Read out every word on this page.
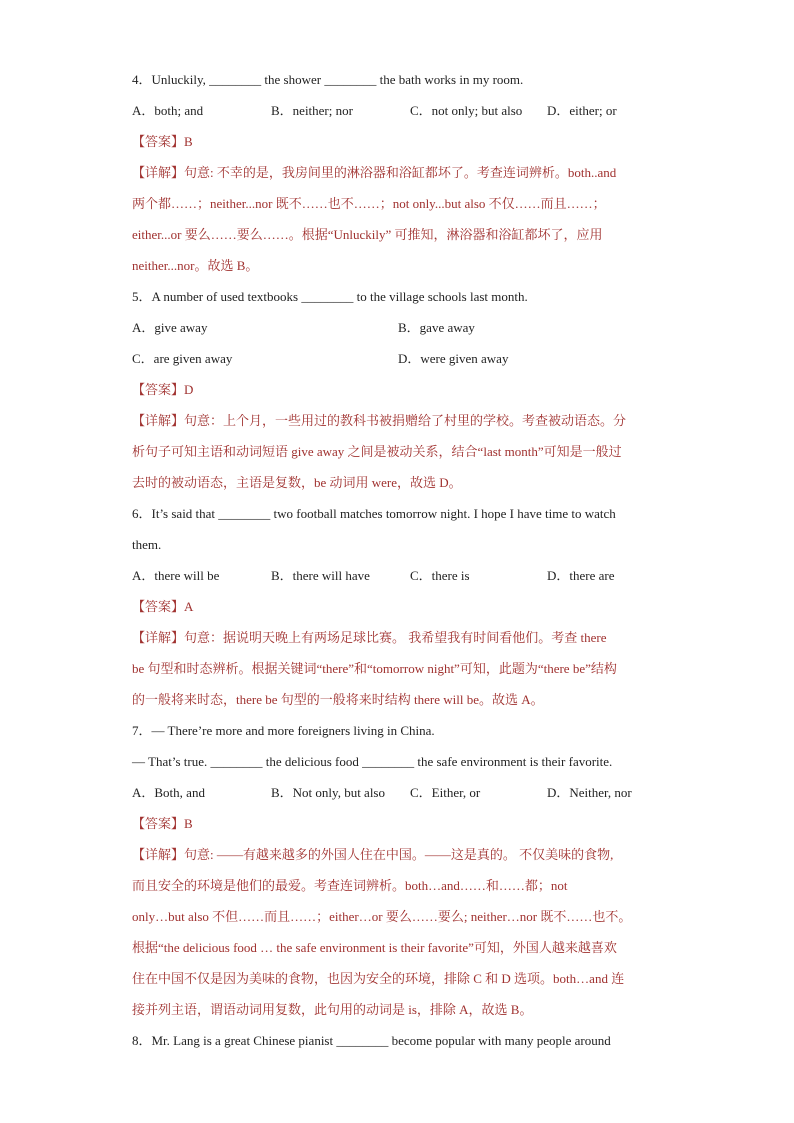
4．Unluckily, ________ the shower ________ the bath works in my room.
A．both; and	B．neither; nor	C．not only; but also	D．either; or
【答案】B
【详解】句意: 不幸的是，我房间里的淋浴器和浴缸都坏了。考查连词辨析。both..and
两个都……；neither...nor 既不……也不……；not only...but also 不仅……而且……；
either...or 要么……要么……。根据“Unluckily” 可推知，淋浴器和浴缸都坏了，应用
neither...nor。故选 B。
5．A number of used textbooks ________ to the village schools last month.
A．give away	B．gave away
C．are given away	D．were given away
【答案】D
【详解】句意：上个月，一些用过的教科书被捐赠给了村里的学校。考查被动语态。分
析句子可知主语和动词短语 give away 之间是被动关系，结合“last month”可知是一般过
去时的被动语态，主语是复数，be 动词用 were，故选 D。
6．It’s said that ________ two football matches tomorrow night. I hope I have time to watch
them.
A．there will be	B．there will have	C．there is	D．there are
【答案】A
【详解】句意：据说明天晚上有两场足球比赛。 我希望我有时间看他们。考查 there
be 句型和时态辨析。根据关键词“there”和“tomorrow night”可知，此题为“there be”结构
的一般将来时态，there be 句型的一般将来时结构 there will be。故选 A。
7．— There’re more and more foreigners living in China.
— That’s true. ________ the delicious food ________ the safe environment is their favorite.
A．Both, and	B．Not only, but also	C．Either, or	D．Neither, nor
【答案】B
【详解】句意: ——有越来越多的外国人住在中国。——这是真的。 不仅美味的食物,
而且安全的环境是他们的最爱。考查连词辨析。both…and……和……都；not
only…but also 不但……而且……；either…or 要么……要么; neither…nor 既不……也不。
根据“the delicious food … the safe environment is their favorite”可知，外国人越来越喜欢
住在中国不仅是因为美味的食物，也因为安全的环境，排除 C 和 D 选项。both…and 连
接并列主语，谓语动词用复数，此句用的动词是 is，排除 A，故选 B。
8．Mr. Lang is a great Chinese pianist ________ become popular with many people around
